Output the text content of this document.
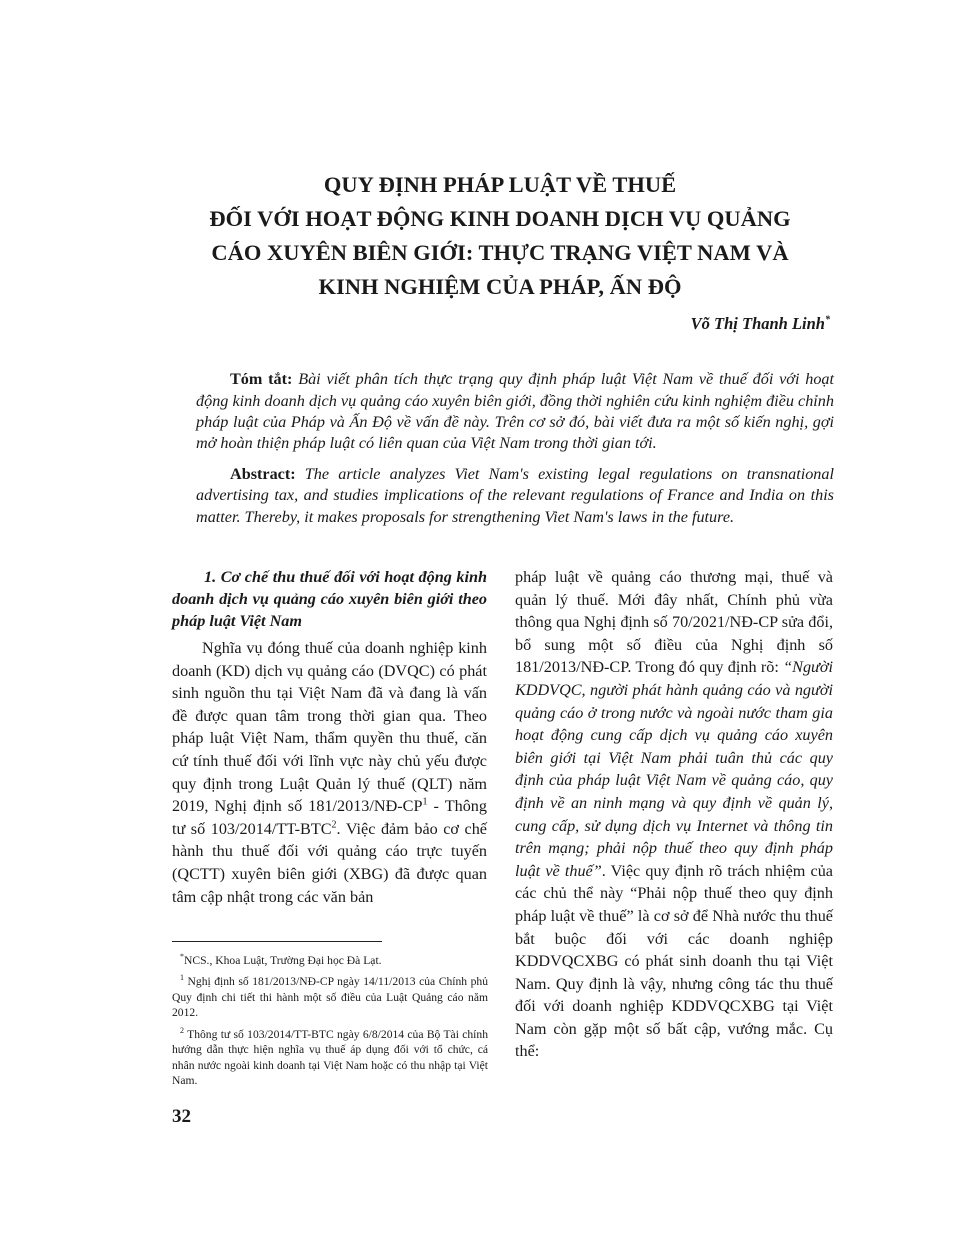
QUY ĐỊNH PHÁP LUẬT VỀ THUẾ
ĐỐI VỚI HOẠT ĐỘNG KINH DOANH DỊCH VỤ QUẢNG
CÁO XUYÊN BIÊN GIỚI: THỰC TRẠNG VIỆT NAM VÀ
KINH NGHIỆM CỦA PHÁP, ẤN ĐỘ
Võ Thị Thanh Linh*

Tóm tắt: Bài viết phân tích thực trạng quy định pháp luật Việt Nam về thuế đối với hoạt động kinh doanh dịch vụ quảng cáo xuyên biên giới, đồng thời nghiên cứu kinh nghiệm điều chỉnh pháp luật của Pháp và Ấn Độ về vấn đề này. Trên cơ sở đó, bài viết đưa ra một số kiến nghị, gợi mở hoàn thiện pháp luật có liên quan của Việt Nam trong thời gian tới.

Abstract: The article analyzes Viet Nam's existing legal regulations on transnational advertising tax, and studies implications of the relevant regulations of France and India on this matter. Thereby, it makes proposals for strengthening Viet Nam's laws in the future.

1. Cơ chế thu thuế đối với hoạt động kinh doanh dịch vụ quảng cáo xuyên biên giới theo pháp luật Việt Nam

Nghĩa vụ đóng thuế của doanh nghiệp kinh doanh (KD) dịch vụ quảng cáo (DVQC) có phát sinh nguồn thu tại Việt Nam đã và đang là vấn đề được quan tâm trong thời gian qua. Theo pháp luật Việt Nam, thẩm quyền thu thuế, căn cứ tính thuế đối với lĩnh vực này chủ yếu được quy định trong Luật Quản lý thuế (QLT) năm 2019, Nghị định số $181/2013/NĐ-CP^1$ - Thông tư số 103/2014/TT-BTC$^2$. Việc đảm bảo cơ chế hành thu thuế đối với quảng cáo trực tuyến (QCTT) xuyên biên giới (XBG) đã được quan tâm cập nhật trong các văn bản

pháp luật về quảng cáo thương mại, thuế và quản lý thuế. Mới đây nhất, Chính phủ vừa thông qua Nghị định số 70/2021/NĐ-CP sửa đổi, bổ sung một số điều của Nghị định số 181/2013/NĐ-CP. Trong đó quy định rõ: “Người KDDVQC, người phát hành quảng cáo và người quảng cáo ở trong nước và ngoài nước tham gia hoạt động cung cấp dịch vụ quảng cáo xuyên biên giới tại Việt Nam phải tuân thủ các quy định của pháp luật Việt Nam về quảng cáo, quy định về an ninh mạng và quy định về quản lý, cung cấp, sử dụng dịch vụ Internet và thông tin trên mạng; phải nộp thuế theo quy định pháp luật về thuế”. Việc quy định rõ trách nhiệm của các chủ thể này “Phải nộp thuế theo quy định pháp luật về thuế” là cơ sở để Nhà nước thu thuế bắt buộc đối với các doanh nghiệp KDDVQCXBG có phát sinh doanh thu tại Việt Nam. Quy định là vậy, nhưng công tác thu thuế đối với doanh nghiệp KDDVQCXBG tại Việt Nam còn gặp một số bất cập, vướng mắc. Cụ thể:

*NCS., Khoa Luật, Trường Đại học Đà Lạt.

$^1$ Nghị định số 181/2013/NĐ-CP ngày 14/11/2013 của Chính phủ Quy định chi tiết thi hành một số điều của Luật Quảng cáo năm 2012.

$^2$ Thông tư số 103/2014/TT-BTC ngày 6/8/2014 của Bộ Tài chính hướng dẫn thực hiện nghĩa vụ thuế áp dụng đối với tổ chức, cá nhân nước ngoài kinh doanh tại Việt Nam hoặc có thu nhập tại Việt Nam.

32
